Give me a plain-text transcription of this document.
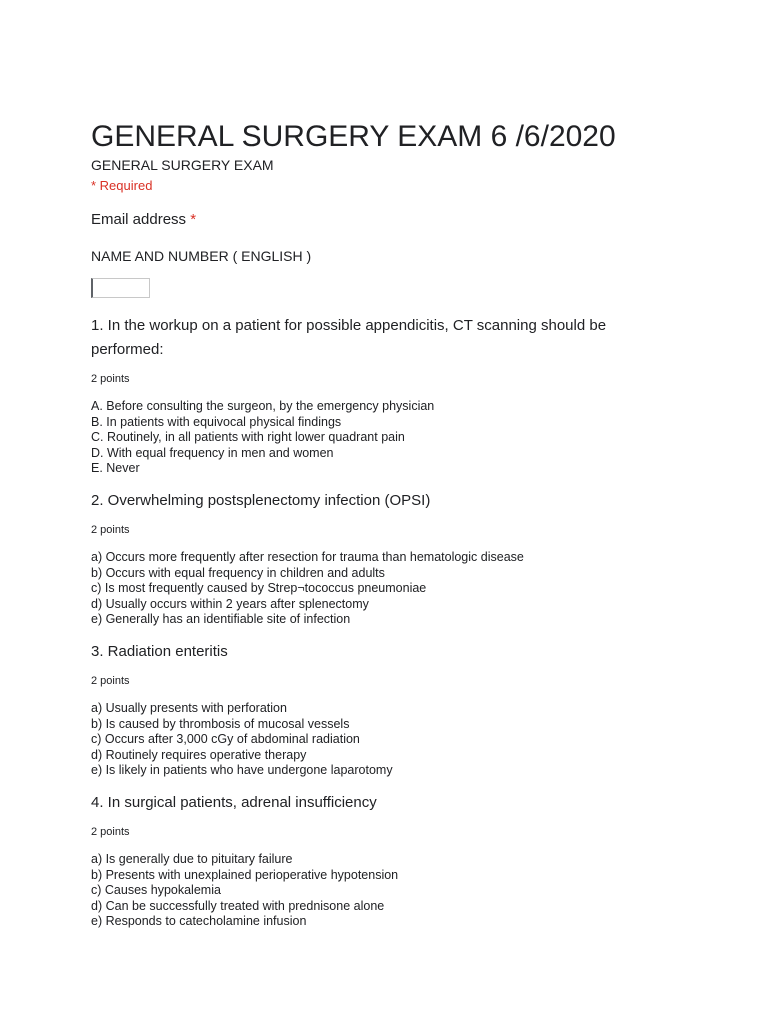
GENERAL SURGERY EXAM 6 /6/2020
GENERAL SURGERY EXAM
* Required
Email address *
NAME AND NUMBER ( ENGLISH )

1. In the workup on a patient for possible appendicitis, CT scanning should be performed:

2 points

A. Before consulting the surgeon, by the emergency physician
B. In patients with equivocal physical findings
C. Routinely, in all patients with right lower quadrant pain
D. With equal frequency in men and women
E. Never

2. Overwhelming postsplenectomy infection (OPSI)

2 points

a) Occurs more frequently after resection for trauma than hematologic disease
b) Occurs with equal frequency in children and adults
c) Is most frequently caused by Strep¬tococcus pneumoniae
d) Usually occurs within 2 years after splenectomy
e) Generally has an identifiable site of infection

3. Radiation enteritis

2 points

a) Usually presents with perforation
b) Is caused by thrombosis of mucosal vessels
c) Occurs after 3,000 cGy of abdominal radiation
d) Routinely requires operative therapy
e) Is likely in patients who have undergone laparotomy

4. In surgical patients, adrenal insufficiency

2 points

a) Is generally due to pituitary failure
b) Presents with unexplained perioperative hypotension
c) Causes hypokalemia
d) Can be successfully treated with prednisone alone
e) Responds to catecholamine infusion
